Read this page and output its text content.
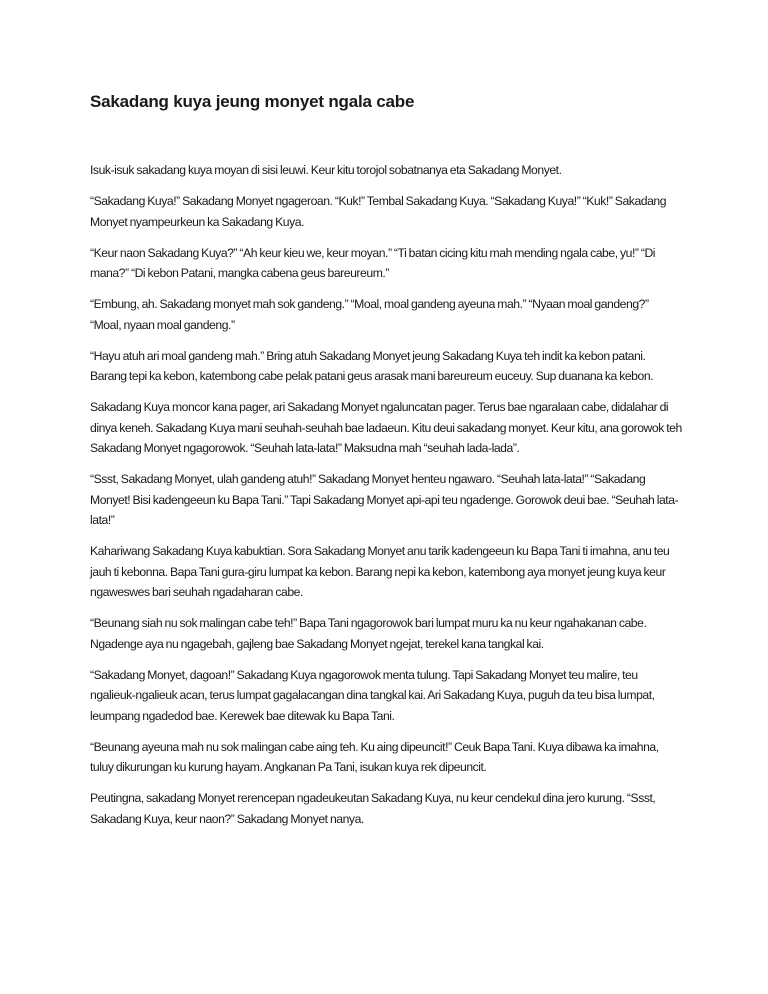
Sakadang kuya jeung monyet ngala cabe

Isuk-isuk sakadang kuya moyan di sisi leuwi. Keur kitu torojol sobatnanya eta Sakadang Monyet.

“Sakadang Kuya!” Sakadang Monyet ngageroan. “Kuk!” Tembal Sakadang Kuya. “Sakadang Kuya!” “Kuk!” Sakadang Monyet nyampeurkeun ka Sakadang Kuya.

“Keur naon Sakadang Kuya?” “Ah keur kieu we, keur moyan.” “Ti batan cicing kitu mah mending ngala cabe, yu!” “Di mana?” “Di kebon Patani, mangka cabena geus bareureum.”

“Embung, ah. Sakadang monyet mah sok gandeng.” “Moal, moal gandeng ayeuna mah.” “Nyaan moal gandeng?” “Moal, nyaan moal gandeng.”

“Hayu atuh ari moal gandeng mah.” Bring atuh Sakadang Monyet jeung Sakadang Kuya teh indit ka kebon patani. Barang tepi ka kebon, katembong cabe pelak patani geus arasak mani bareureum euceuy. Sup duanana ka kebon.

Sakadang Kuya moncor kana pager, ari Sakadang Monyet ngaluncatan pager. Terus bae ngaralaan cabe, didalahar di dinya keneh. Sakadang Kuya mani seuhah-seuhah bae ladaeun. Kitu deui sakadang monyet. Keur kitu, ana gorowok teh Sakadang Monyet ngagorowok. “Seuhah lata-lata!” Maksudna mah “seuhah lada-lada”.

“Ssst, Sakadang Monyet, ulah gandeng atuh!” Sakadang Monyet henteu ngawaro. “Seuhah lata-lata!” “Sakadang Monyet! Bisi kadengeeun ku Bapa Tani.” Tapi Sakadang Monyet api-api teu ngadenge. Gorowok deui bae. “Seuhah lata-lata!”

Kahariwang Sakadang Kuya kabuktian. Sora Sakadang Monyet anu tarik kadengeeun ku Bapa Tani ti imahna, anu teu jauh ti kebonna. Bapa Tani gura-giru lumpat ka kebon. Barang nepi ka kebon, katembong aya monyet jeung kuya keur ngaweswes bari seuhah ngadaharan cabe.

“Beunang siah nu sok malingan cabe teh!” Bapa Tani ngagorowok bari lumpat muru ka nu keur ngahakanan cabe. Ngadenge aya nu ngagebah, gajleng bae Sakadang Monyet ngejat, terekel kana tangkal kai.

“Sakadang Monyet, dagoan!” Sakadang Kuya ngagorowok menta tulung. Tapi Sakadang Monyet teu malire, teu ngalieuk-ngalieuk acan, terus lumpat gagalacangan dina tangkal kai. Ari Sakadang Kuya, puguh da teu bisa lumpat, leumpang ngadedod bae. Kerewek bae ditewak ku Bapa Tani.

“Beunang ayeuna mah nu sok malingan cabe aing teh. Ku aing dipeuncit!” Ceuk Bapa Tani. Kuya dibawa ka imahna, tuluy dikurungan ku kurung hayam. Angkanan Pa Tani, isukan kuya rek dipeuncit.

Peutingna, sakadang Monyet rerencepan ngadeukeutan Sakadang Kuya, nu keur cendekul dina jero kurung. “Ssst, Sakadang Kuya, keur naon?” Sakadang Monyet nanya.
